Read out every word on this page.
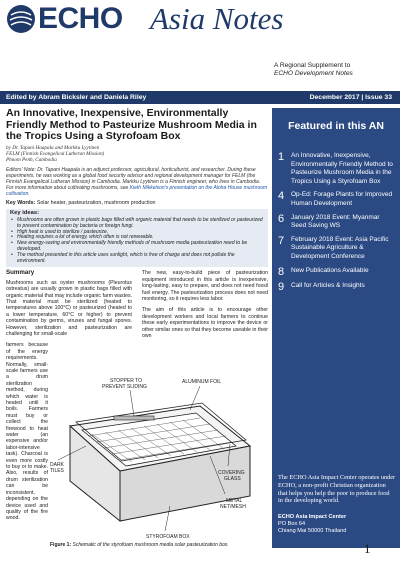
ECHO Asia Notes
A Regional Supplement to
ECHO Development Notes
Edited by Abram Bicksler and Daniela Riley	December 2017 | Issue 33
An Innovative, Inexpensive, Environmentally Friendly Method to Pasteurize Mushroom Media in the Tropics Using a Styrofoam Box
by Dr. Tapani Haapala and Markku Lyytinen
FELM (Finnish Evangelical Lutheran Mission)
Phnom Penh, Cambodia
Editors' Note: Dr. Tapani Haapala is an adjunct professor, agricultural, horticulturist, and researcher. During these experiments, he was working as a global food security advisor and regional development manager for FELM (the Finnish Evangelical Lutheran Mission) in Cambodia. Markku Lyytinen is a Finnish engineer, who lives in Cambodia. For more information about cultivating mushrooms, see Kieth Mikkelson's presentation on the Aloha House mushroom cultivation.
Key Words: Solar heater, pasteurization, mushroom production
Key ideas:
• Mushrooms are often grown in plastic bags filled with organic material that needs to be sterilized or pasteurized to prevent contamination by bacteria or foreign fungi.
• High heat is used to sterilize / pasteurize.
• Heating requires a lot of energy, which often is not renewable.
• New energy-saving and environmentally friendly methods of mushroom media pasteurization need to be developed.
• The method presented in this article uses sunlight, which is free of charge and does not pollute the environment.
Summary

Mushrooms such as oyster mushrooms (Pleurotus ostreatus) are usually grown in plastic bags filled with organic material that may include organic farm wastes. That material must be sterilized (heated to temperatures above 100°C) or pasteurized (heated to a lower temperature, 60°C or higher) to prevent contamination by germs, viruses and fungal spores. However, sterilization and pasteurization are challenging for small-scale

farmers because of the energy requirements. Normally, small-scale farmers use a drum sterilization method, during which water is heated until it boils. Farmers must buy or collect the firewood to heat water (an expensive and/or labor-intensive task). Charcoal is even more costly to buy or to make. Also, results of drum sterilization can be inconsistent, depending on the device used and quality of the fire wood.

The new, easy-to-build piece of pasteurization equipment introduced in this article is inexpensive, long-lasting, easy to prepare, and does not need fossil fuel energy. The pasteurization process does not need monitoring, so it requires less labor.

The aim of this article is to encourage other development workers and local farmers to continue these early experimentations to improve the device or other similar ones so that they become useable in their own

STOPPER TO PREVENT SLIDING
ALUMINUM FOIL
COVERING GLASS
DARK TILES
METAL NET/MESH
STYROFOAM BOX
Figure 1: Schematic of the styrofoam mushroom media solar pasteurization box.
Featured in this AN
1	An Innovative, Inexpensive, Environmentally Friendly Method to Pasteurize Mushroom Media in the Tropics Using a Styrofoam Box
4	Op-Ed: Forage Plants for Improved Human Development
6	January 2018 Event: Myanmar Seed Saving WS
7	February 2018 Event: Asia Pacific Sustainable Agriculture & Development Conference
8	New Publications Available
9	Call for Articles & Insights
The ECHO Asia Impact Center operates under ECHO, a non-profit Christian organization that helps you help the poor to produce food in the developing world.
ECHO Asia Impact Center
PO Box 64
Chiang Mai 50000 Thailand
1
